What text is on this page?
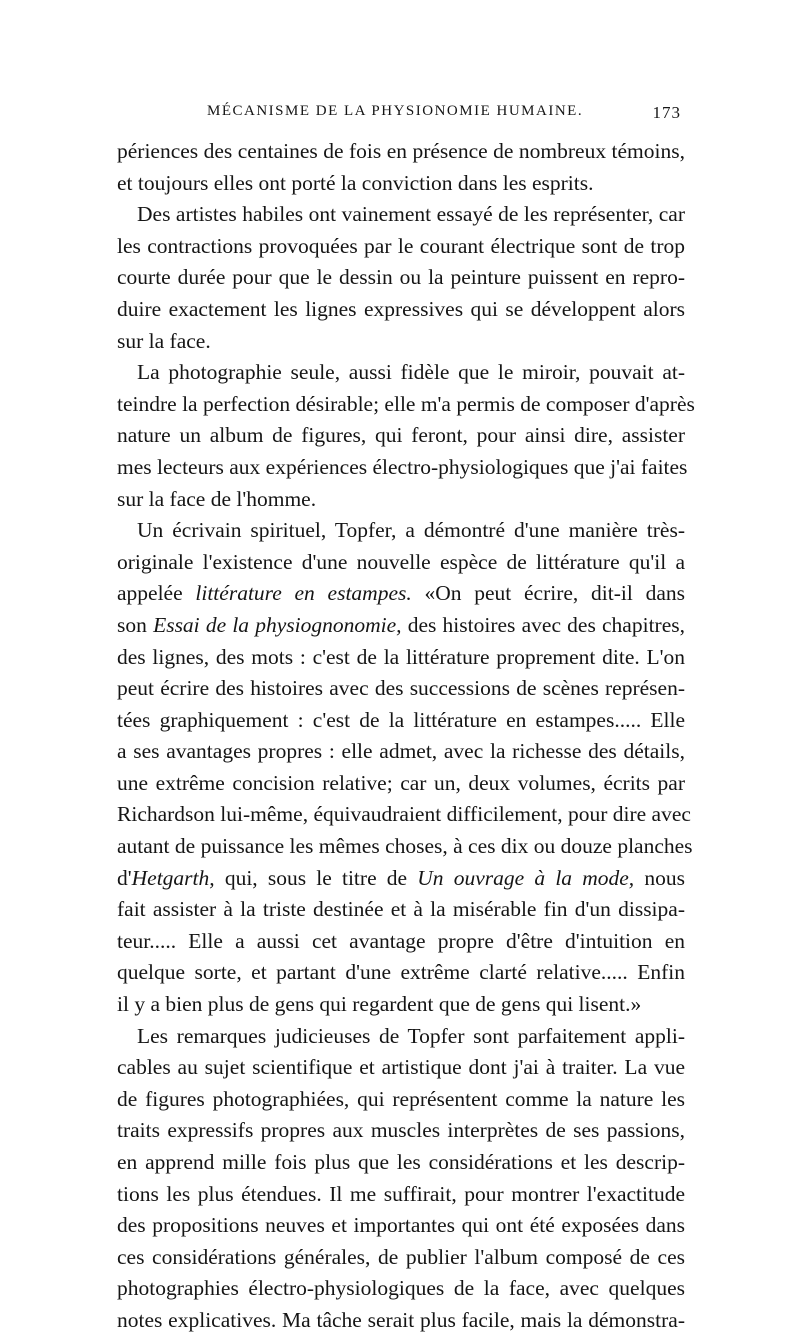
MÉCANISME DE LA PHYSIONOMIE HUMAINE.	173
périences des centaines de fois en présence de nombreux témoins,
et toujours elles ont porté la conviction dans les esprits.
Des artistes habiles ont vainement essayé de les représenter, car
les contractions provoquées par le courant électrique sont de trop
courte durée pour que le dessin ou la peinture puissent en repro-
duire exactement les lignes expressives qui se développent alors
sur la face.
La photographie seule, aussi fidèle que le miroir, pouvait at-
teindre la perfection désirable; elle m'a permis de composer d'après
nature un album de figures, qui feront, pour ainsi dire, assister
mes lecteurs aux expériences électro-physiologiques que j'ai faites
sur la face de l'homme.
Un écrivain spirituel, Topfer, a démontré d'une manière très-
originale l'existence d'une nouvelle espèce de littérature qu'il a
appelée littérature en estampes. «On peut écrire, dit-il dans
son Essai de la physiognonomie, des histoires avec des chapitres,
des lignes, des mots : c'est de la littérature proprement dite. L'on
peut écrire des histoires avec des successions de scènes représen-
tées graphiquement : c'est de la littérature en estampes..... Elle
a ses avantages propres : elle admet, avec la richesse des détails,
une extrême concision relative; car un, deux volumes, écrits par
Richardson lui-même, équivaudraient difficilement, pour dire avec
autant de puissance les mêmes choses, à ces dix ou douze planches
d'Hetgarth, qui, sous le titre de Un ouvrage à la mode, nous
fait assister à la triste destinée et à la misérable fin d'un dissipa-
teur..... Elle a aussi cet avantage propre d'être d'intuition en
quelque sorte, et partant d'une extrême clarté relative..... Enfin
il y a bien plus de gens qui regardent que de gens qui lisent.»
Les remarques judicieuses de Topfer sont parfaitement appli-
cables au sujet scientifique et artistique dont j'ai à traiter. La vue
de figures photographiées, qui représentent comme la nature les
traits expressifs propres aux muscles interprètes de ses passions,
en apprend mille fois plus que les considérations et les descrip-
tions les plus étendues. Il me suffirait, pour montrer l'exactitude
des propositions neuves et importantes qui ont été exposées dans
ces considérations générales, de publier l'album composé de ces
photographies électro-physiologiques de la face, avec quelques
notes explicatives. Ma tâche serait plus facile, mais la démonstra-
